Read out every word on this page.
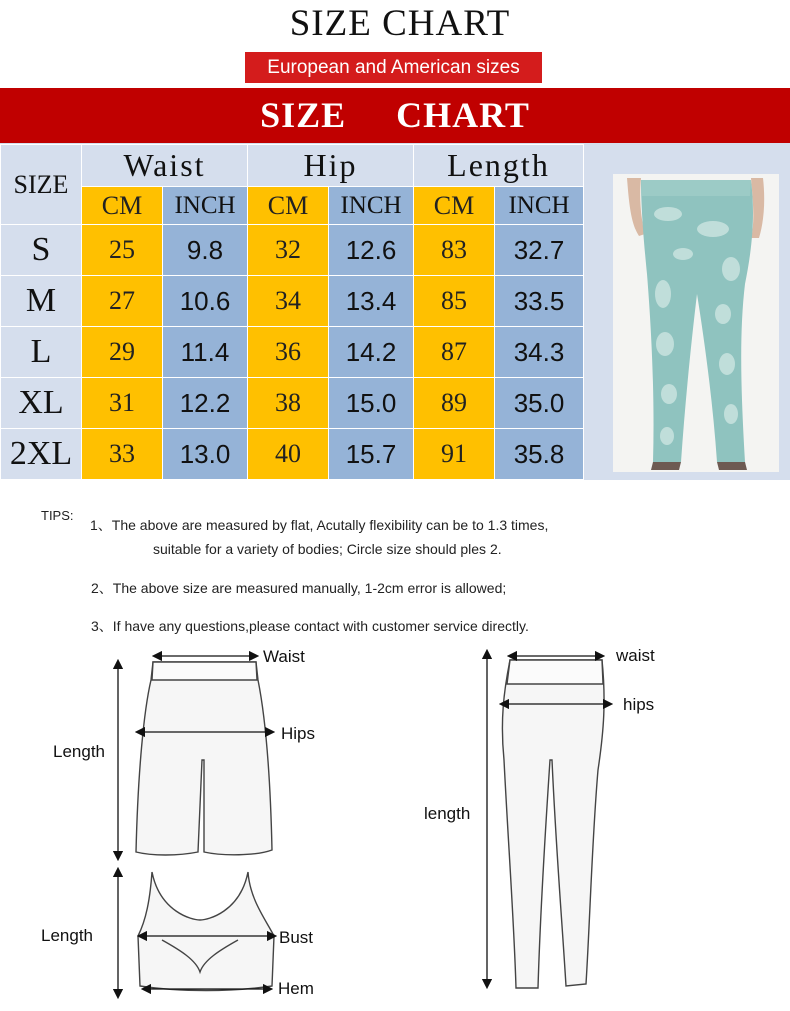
SIZE CHART
European and American sizes
SIZE CHART
SIZE	Waist		Hip		Length	
	CM	INCH	CM	INCH	CM	INCH
S	25	9.8	32	12.6	83	32.7
M	27	10.6	34	13.4	85	33.5
L	29	11.4	36	14.2	87	34.3
XL	31	12.2	38	15.0	89	35.0
2XL	33	13.0	40	15.7	91	35.8
TIPS:
1、The above are measured by flat, Acutally flexibility can be to 1.3 times,
suitable for a variety of bodies; Circle size should ples 2.
2、The above size are measured manually, 1-2cm error is allowed;
3、If have any questions,please contact with customer service directly.
Waist
Hips
Length
Length	Bust
Hem
waist
hips
length
